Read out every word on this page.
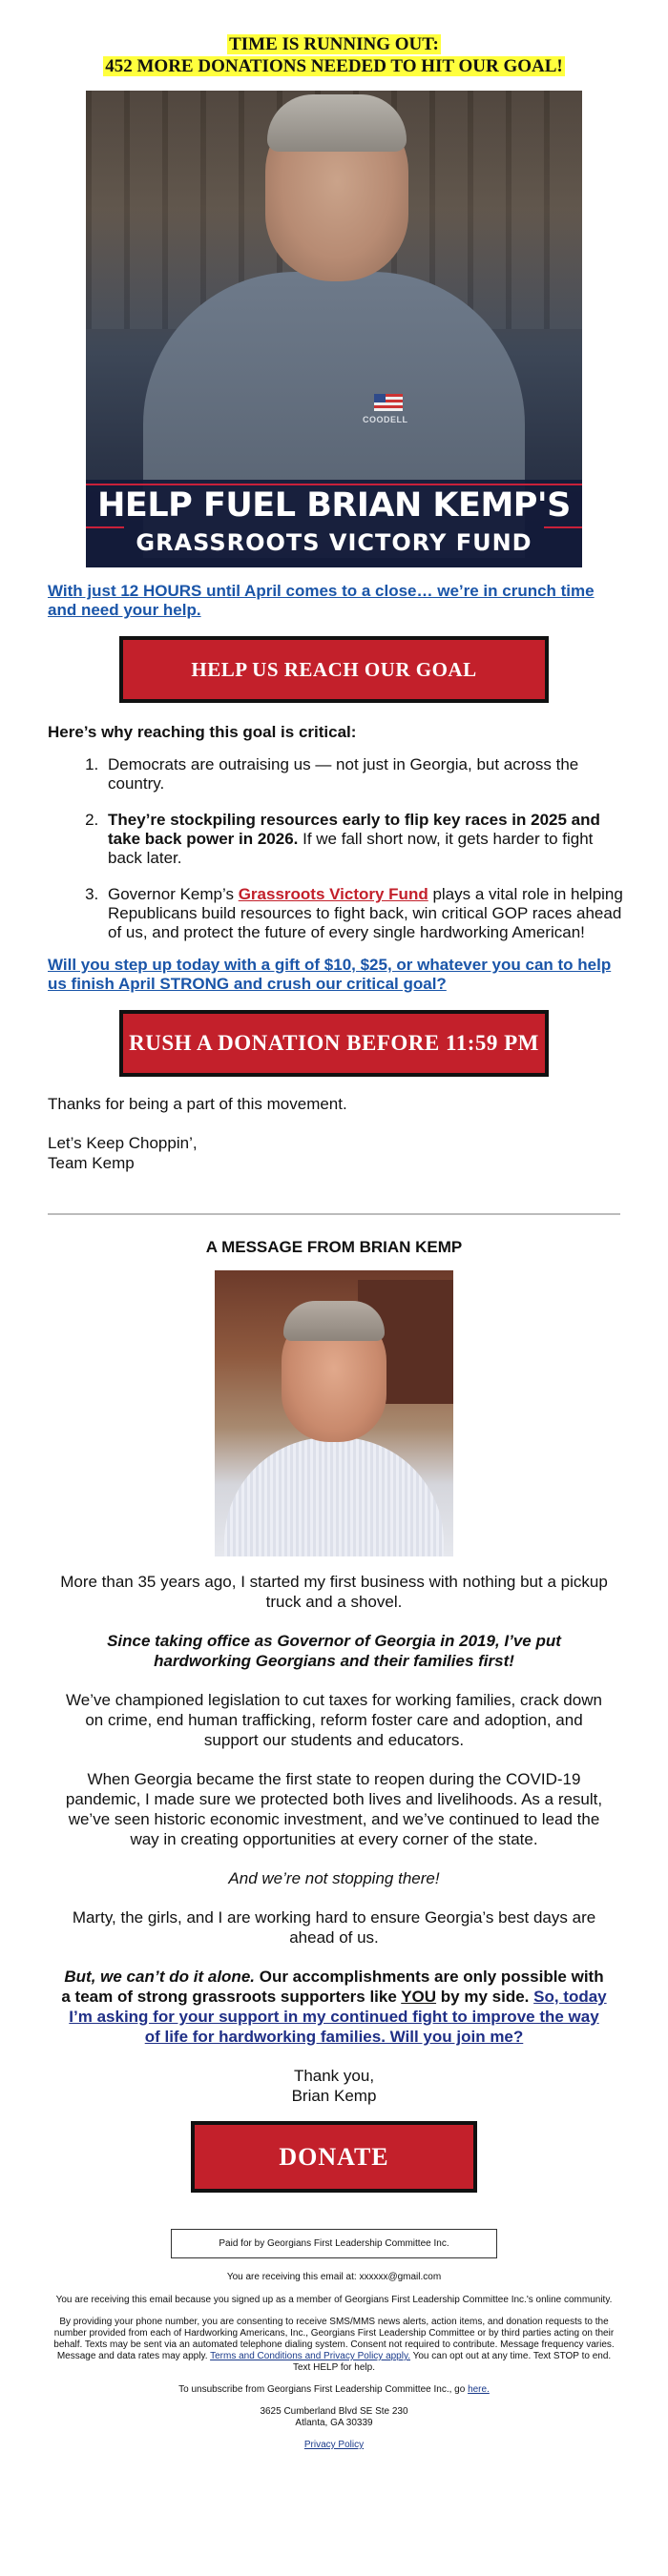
TIME IS RUNNING OUT:
452 MORE DONATIONS NEEDED TO HIT OUR GOAL!
COODELL
HELP FUEL BRIAN KEMP'S
GRASSROOTS VICTORY FUND
With just 12 HOURS until April comes to a close… we’re in crunch time and need your help.
HELP US REACH OUR GOAL

Here’s why reaching this goal is critical:

1. Democrats are outraising us — not just in Georgia, but across the country.
2. They’re stockpiling resources early to flip key races in 2025 and take back power in 2026. If we fall short now, it gets harder to fight back later.
3. Governor Kemp’s Grassroots Victory Fund plays a vital role in helping Republicans build resources to fight back, win critical GOP races ahead of us, and protect the future of every single hardworking American!
Will you step up today with a gift of $10, $25, or whatever you can to help us finish April STRONG and crush our critical goal?
RUSH A DONATION BEFORE 11:59 PM

Thanks for being a part of this movement.

Let’s Keep Choppin’,
Team Kemp

A MESSAGE FROM BRIAN KEMP

More than 35 years ago, I started my first business with nothing but a pickup truck and a shovel.

Since taking office as Governor of Georgia in 2019, I’ve put hardworking Georgians and their families first!

We’ve championed legislation to cut taxes for working families, crack down on crime, end human trafficking, reform foster care and adoption, and support our students and educators.

When Georgia became the first state to reopen during the COVID-19 pandemic, I made sure we protected both lives and livelihoods. As a result, we’ve seen historic economic investment, and we’ve continued to lead the way in creating opportunities at every corner of the state.

And we’re not stopping there!

Marty, the girls, and I are working hard to ensure Georgia’s best days are ahead of us.

But, we can’t do it alone. Our accomplishments are only possible with a team of strong grassroots supporters like YOU by my side. So, today I’m asking for your support in my continued fight to improve the way of life for hardworking families. Will you join me?

Thank you,
Brian Kemp

DONATE
Paid for by Georgians First Leadership Committee Inc.

You are receiving this email at: xxxxxx@gmail.com

You are receiving this email because you signed up as a member of Georgians First Leadership Committee Inc.'s online community.

By providing your phone number, you are consenting to receive SMS/MMS news alerts, action items, and donation requests to the number provided from each of Hardworking Americans, Inc., Georgians First Leadership Committee or by third parties acting on their behalf. Texts may be sent via an automated telephone dialing system. Consent not required to contribute. Message frequency varies. Message and data rates may apply. Terms and Conditions and Privacy Policy apply. You can opt out at any time. Text STOP to end. Text HELP for help.

To unsubscribe from Georgians First Leadership Committee Inc., go here.

3625 Cumberland Blvd SE Ste 230
Atlanta, GA 30339

Privacy Policy
